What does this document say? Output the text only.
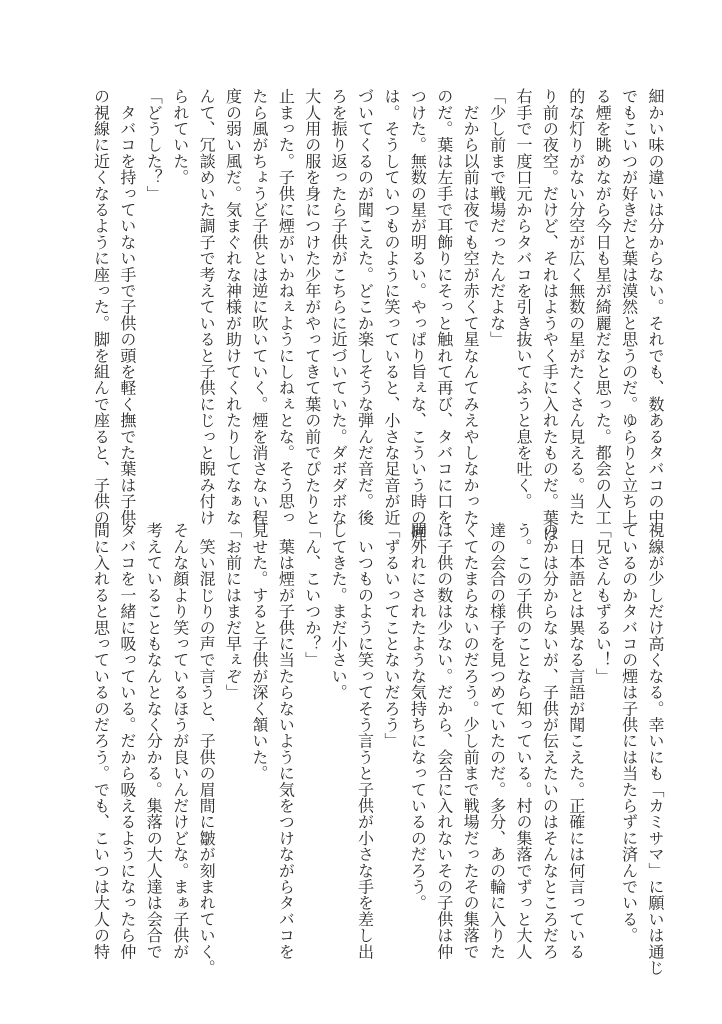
細かい味の違いは分からない。それでも、数あるタバコの中
でもこいつが好きだと葉は漠然と思うのだ。ゆらりと立ち上
る煙を眺めながら今日も星が綺麗だなと思った。都会の人工
的な灯りがない分空が広く無数の星がたくさん見える。当た
り前の夜空。だけど、それはようやく手に入れたものだ。葉は
右手で一度口元からタバコを引き抜いてふうと息を吐く。
「少し前まで戦場だったんだよな」
　だから以前は夜でも空が赤くて星なんてみえやしなかった
のだ。葉は左手で耳飾りにそっと触れて再び、タバコに口を
つけた。無数の星が明るい。やっぱり旨ぇな、こういう時の煙
は。そうしていつものように笑っていると、小さな足音が近
づいてくるのが聞こえた。どこか楽しそうな弾んだ音だ。後
ろを振り返ったら子供がこちらに近づいていた。ダボダボな
大人用の服を身につけた少年がやってきて葉の前でぴたりと
止まった。子供に煙がいかねぇようにしねぇとな。そう思っ
たら風がちょうど子供とは逆に吹いていく。煙を消さない程
度の弱い風だ。気まぐれな神様が助けてくれたりしてなぁな
んて、冗談めいた調子で考えていると子供にじっと睨み付け
られていた。
「どうした？」
　タバコを持っていない手で子供の頭を軽く撫でた葉は子供
の視線に近くなるように座った。脚を組んで座ると、子供の
視線が少しだけ高くなる。幸いにも「カミサマ」に願いは通じ
ているのかタバコの煙は子供には当たらずに済んでいる。
「兄さんもずるい！」
　日本語とは異なる言語が聞こえた。正確には何言っている
のかは分からないが、子供が伝えたいのはそんなところだろ
う。この子供のことなら知っている。村の集落でずっと大人
達の会合の様子を見つめていたのだ。多分、あの輪に入りた
くてたまらないのだろう。少し前まで戦場だったその集落で
は子供の数は少ない。だから、会合に入れないその子供は仲
間外れにされたような気持ちになっているのだろう。
「ずるいってことないだろう」
　いつものように笑ってそう言うと子供が小さな手を差し出
してきた。まだ小さい。
「ん、こいつか？」
　葉は煙が子供に当たらないように気をつけながらタバコを
見せた。すると子供が深く頷いた。
「お前にはまだ早ぇぞ」
　笑い混じりの声で言うと、子供の眉間に皺が刻まれていく。
そんな顔より笑っているほうが良いんだけどな。まぁ子供が
考えていることもなんとなく分かる。集落の大人達は会合で
タバコを一緒に吸っている。だから吸えるようになったら仲
間に入れると思っているのだろう。でも、こいつは大人の特
